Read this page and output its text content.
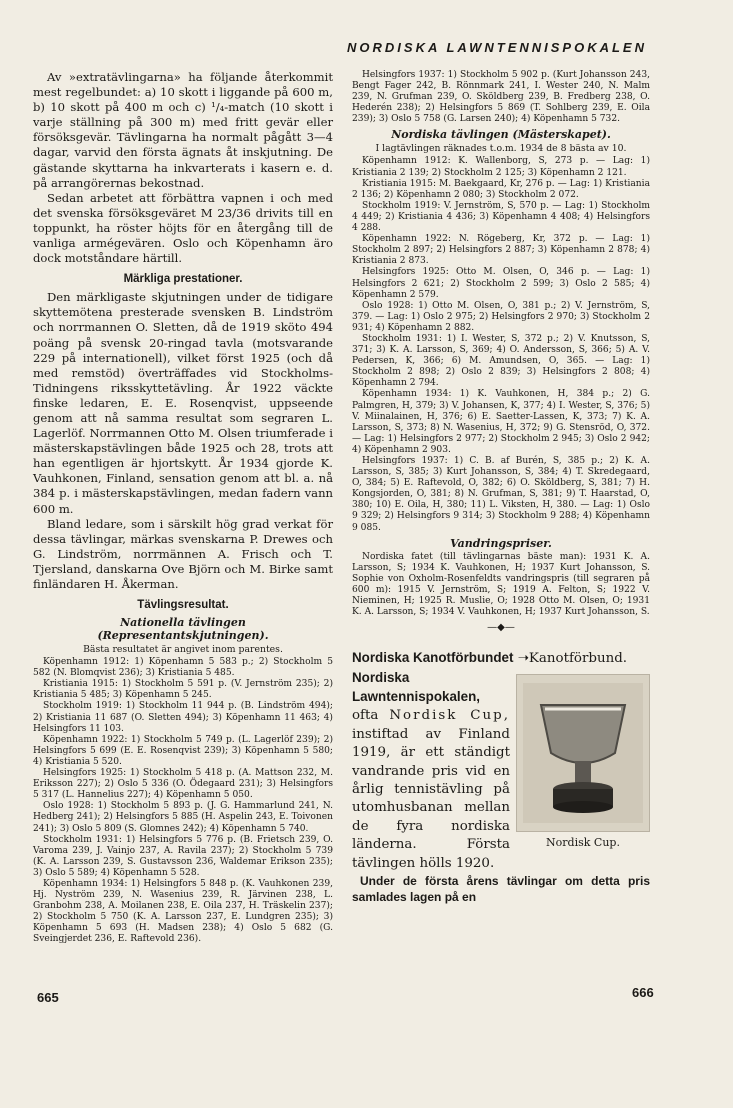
NORDISKA LAWNTENNISPOKALEN

Av »extratävlingarna» ha följande återkommit mest regelbundet: a) 10 skott i liggande på 600 m, b) 10 skott på 400 m och c) ¹/₄-match (10 skott i varje ställning på 300 m) med fritt gevär eller försöksgevär. Tävlingarna ha normalt pågått 3—4 dagar, varvid den första ägnats åt inskjutning. De gästande skyttarna ha inkvarterats i kasern e. d. på arrangörernas bekostnad.

Sedan arbetet att förbättra vapnen i och med det svenska försöksgeväret M 23/36 drivits till en toppunkt, ha röster höjts för en återgång till de vanliga armégevären. Oslo och Köpenhamn äro dock motståndare härtill.

Märkliga prestationer.

Den märkligaste skjutningen under de tidigare skyttemötena presterade svensken B. Lindström och norrmannen O. Sletten, då de 1919 sköto 494 poäng på svensk 20-ringad tavla (motsvarande 229 på internationell), vilket först 1925 (och då med remstöd) överträffades vid Stockholms-Tidningens riksskyttetävling. År 1922 väckte finske ledaren, E. E. Rosenqvist, uppseende genom att nå samma resultat som segraren L. Lagerlöf. Norrmannen Otto M. Olsen triumferade i mästerskapstävlingen både 1925 och 28, trots att han egentligen är hjortskytt. År 1934 gjorde K. Vauhkonen, Finland, sensation genom att bl. a. nå 384 p. i mästerskapstävlingen, medan fadern vann 600 m.

Bland ledare, som i särskilt hög grad verkat för dessa tävlingar, märkas svenskarna P. Drewes och G. Lindström, norrmännen A. Frisch och T. Tjersland, danskarna Ove Björn och M. Birke samt finländaren H. Åkerman.

Tävlingsresultat.
Nationella tävlingen (Representantskjutningen).
Bästa resultatet är angivet inom parentes.

Köpenhamn 1912: 1) Köpenhamn 5 583 p.; 2) Stockholm 5 582 (N. Blomqvist 236); 3) Kristiania 5 485.

Kristiania 1915: 1) Stockholm 5 591 p. (V. Jernström 235); 2) Kristiania 5 485; 3) Köpenhamn 5 245.

Stockholm 1919: 1) Stockholm 11 944 p. (B. Lindström 494); 2) Kristiania 11 687 (O. Sletten 494); 3) Köpenhamn 11 463; 4) Helsingfors 11 103.

Köpenhamn 1922: 1) Stockholm 5 749 p. (L. Lagerlöf 239); 2) Helsingfors 5 699 (E. E. Rosenqvist 239); 3) Köpenhamn 5 580; 4) Kristiania 5 520.

Helsingfors 1925: 1) Stockholm 5 418 p. (A. Mattson 232, M. Eriksson 227); 2) Oslo 5 336 (O. Ödegaard 231); 3) Helsingfors 5 317 (L. Hannelius 227); 4) Köpenhamn 5 050.

Oslo 1928: 1) Stockholm 5 893 p. (J. G. Hammarlund 241, N. Hedberg 241); 2) Helsingfors 5 885 (H. Aspelin 243, E. Toivonen 241); 3) Oslo 5 809 (S. Glomnes 242); 4) Köpenhamn 5 740.

Stockholm 1931: 1) Helsingfors 5 776 p. (B. Frietsch 239, O. Varoma 239, J. Vainjo 237, A. Ravila 237); 2) Stockholm 5 739 (K. A. Larsson 239, S. Gustavsson 236, Waldemar Erikson 235); 3) Oslo 5 589; 4) Köpenhamn 5 528.

Köpenhamn 1934: 1) Helsingfors 5 848 p. (K. Vauhkonen 239, Hj. Nyström 239, N. Wasenius 239, R. Järvinen 238, L. Granbohm 238, A. Moilanen 238, E. Oila 237, H. Träskelin 237); 2) Stockholm 5 750 (K. A. Larsson 237, E. Lundgren 235); 3) Köpenhamn 5 693 (H. Madsen 238); 4) Oslo 5 682 (G. Sveingjerdet 236, E. Raftevold 236).

Helsingfors 1937: 1) Stockholm 5 902 p. (Kurt Johansson 243, Bengt Fager 242, B. Rönnmark 241, I. Wester 240, N. Malm 239, N. Grufman 239, O. Sköldberg 239, B. Fredberg 238, O. Hederén 238); 2) Helsingfors 5 869 (T. Sohlberg 239, E. Oila 239); 3) Oslo 5 758 (G. Larsen 240); 4) Köpenhamn 5 732.

Nordiska tävlingen (Mästerskapet).
I lagtävlingen räknades t.o.m. 1934 de 8 bästa av 10.

Köpenhamn 1912: K. Wallenborg, S, 273 p. — Lag: 1) Kristiania 2 139; 2) Stockholm 2 125; 3) Köpenhamn 2 121.

Kristiania 1915: M. Baekgaard, Kr, 276 p. — Lag: 1) Kristiania 2 136; 2) Köpenhamn 2 080; 3) Stockholm 2 072.

Stockholm 1919: V. Jernström, S, 570 p. — Lag: 1) Stockholm 4 449; 2) Kristiania 4 436; 3) Köpenhamn 4 408; 4) Helsingfors 4 288.

Köpenhamn 1922: N. Rögeberg, Kr, 372 p. — Lag: 1) Stockholm 2 897; 2) Helsingfors 2 887; 3) Köpenhamn 2 878; 4) Kristiania 2 873.

Helsingfors 1925: Otto M. Olsen, O, 346 p. — Lag: 1) Helsingfors 2 621; 2) Stockholm 2 599; 3) Oslo 2 585; 4) Köpenhamn 2 579.

Oslo 1928: 1) Otto M. Olsen, O, 381 p.; 2) V. Jernström, S, 379. — Lag: 1) Oslo 2 975; 2) Helsingfors 2 970; 3) Stockholm 2 931; 4) Köpenhamn 2 882.

Stockholm 1931: 1) I. Wester, S, 372 p.; 2) V. Knutsson, S, 371; 3) K. A. Larsson, S, 369; 4) O. Andersson, S, 366; 5) A. V. Pedersen, K, 366; 6) M. Amundsen, O, 365. — Lag: 1) Stockholm 2 898; 2) Oslo 2 839; 3) Helsingfors 2 808; 4) Köpenhamn 2 794.

Köpenhamn 1934: 1) K. Vauhkonen, H, 384 p.; 2) G. Palmgren, H, 379; 3) V. Johansen, K, 377; 4) I. Wester, S, 376; 5) V. Miinalainen, H, 376; 6) E. Saetter-Lassen, K, 373; 7) K. A. Larsson, S, 373; 8) N. Wasenius, H, 372; 9) G. Stensröd, O, 372. — Lag: 1) Helsingfors 2 977; 2) Stockholm 2 945; 3) Oslo 2 942; 4) Köpenhamn 2 903.

Helsingfors 1937: 1) C. B. af Burén, S, 385 p.; 2) K. A. Larsson, S, 385; 3) Kurt Johansson, S, 384; 4) T. Skredegaard, O, 384; 5) E. Raftevold, O, 382; 6) O. Sköldberg, S, 381; 7) H. Kongsjorden, O, 381; 8) N. Grufman, S, 381; 9) T. Haarstad, O, 380; 10) E. Oila, H, 380; 11) L. Viksten, H, 380. — Lag: 1) Oslo 9 329; 2) Helsingfors 9 314; 3) Stockholm 9 288; 4) Köpenhamn 9 085.

Vandringspriser.

Nordiska fatet (till tävlingarnas bäste man): 1931 K. A. Larsson, S; 1934 K. Vauhkonen, H; 1937 Kurt Johansson, S. Sophie von Oxholm-Rosenfeldts vandringspris (till segraren på 600 m): 1915 V. Jernström, S; 1919 A. Felton, S; 1922 V. Nieminen, H; 1925 R. Muslie, O; 1928 Otto M. Olsen, O; 1931 K. A. Larsson, S; 1934 V. Vauhkonen, H; 1937 Kurt Johansson, S.

—◆—

Nordiska Kanotförbundet ➝Kanotförbund.

Nordisk Cup.

Nordiska Lawntennispokalen, ofta Nordisk Cup, instiftad av Finland 1919, är ett ständigt vandrande pris vid en årlig tennistävling på utomhusbanan mellan de fyra nordiska länderna. Första tävlingen hölls 1920.

Under de första årens tävlingar om detta pris samlades lagen på en

665	666
